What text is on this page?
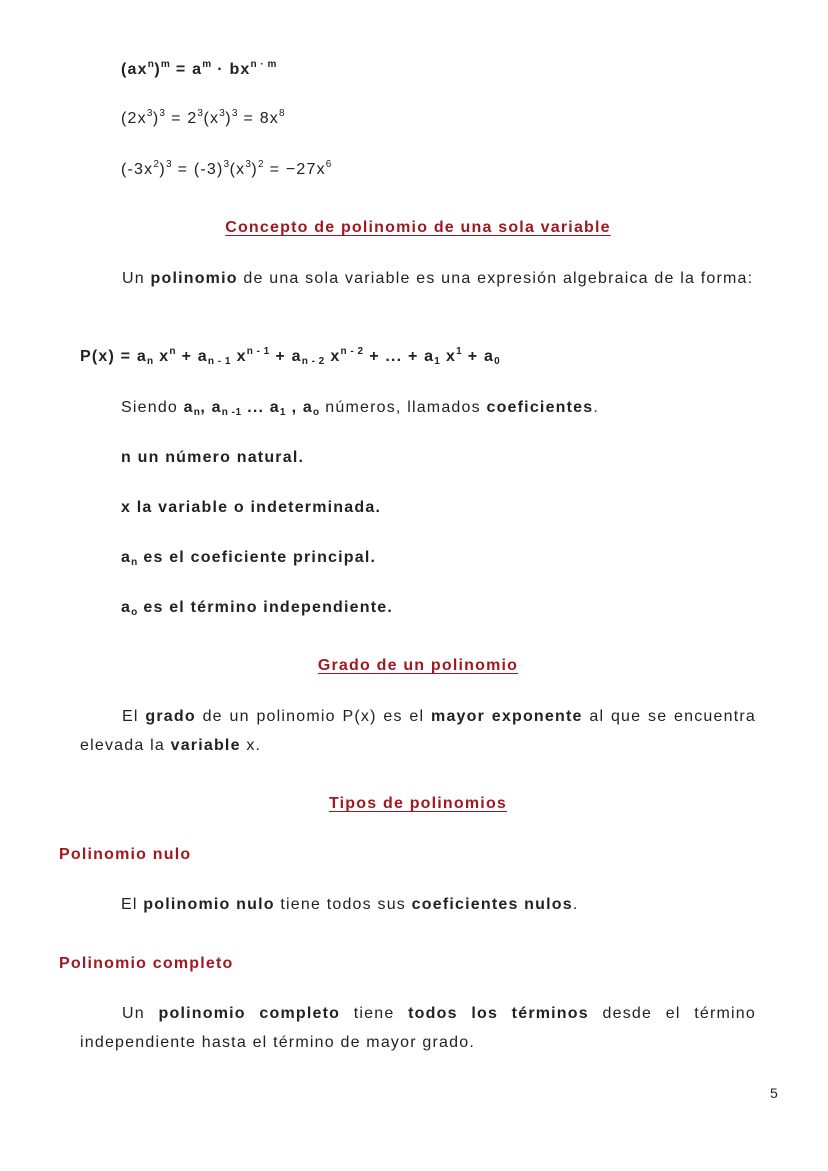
$(ax^n)^m = a^m \cdot bx^{n \cdot m}$
$(2x^3)^3 = 2^3(x^3)^3 = 8x^8$
$(-3x^2)^3 = (-3)^3(x^3)^2 = -27x^6$
Concepto de polinomio de una sola variable
Un polinomio de una sola variable es una expresión algebraica de la forma:
$P(x) = a_n$ $x^n + a_{n - 1}$ $x^{n - 1} + a_{n - 2}$ $x^{n - 2}$ + ... + $a_1$ $x^1 + a_0$
Siendo $a_n$, $a_{n -1}$ ... $a_1$ , $a_o$ números, llamados coeficientes.
n un número natural.
x la variable o indeterminada.
$a_n$ es el coeficiente principal.
$a_o$ es el término independiente.
Grado de un polinomio
El grado de un polinomio P(x) es el mayor exponente al que se encuentra elevada la variable x.
Tipos de polinomios
Polinomio nulo
El polinomio nulo tiene todos sus coeficientes nulos.
Polinomio completo
Un polinomio completo tiene todos los términos desde el término independiente hasta el término de mayor grado.
5
